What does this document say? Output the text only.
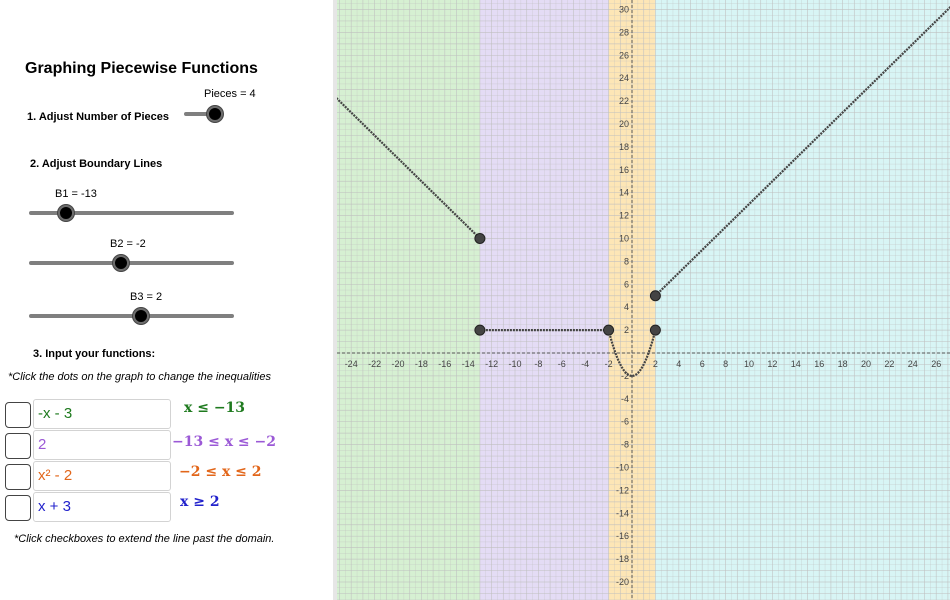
Graphing Piecewise Functions
1. Adjust Number of Pieces
Pieces = 4
2. Adjust Boundary Lines
B1 = -13
B2 = -2
B3 = 2
3. Input your functions:
*Click the dots on the graph to change the inequalities
-x - 3	x ≤ −13
2	−13 ≤ x ≤ −2
x² - 2	−2 ≤ x ≤ 2
x + 3	x ≥ 2
*Click checkboxes to extend the line past the domain.
-24 -22 -20 -18 -16 -14 -12 -10 -8 -6 -4 -2	2 4 6 8 10 12 14 16 18 20 22 24 26
30
28
26
24
22
20
18
16
14
12
10
8
6
4
2
-2
-4
-6
-8
-10
-12
-14
-16
-18
-20
